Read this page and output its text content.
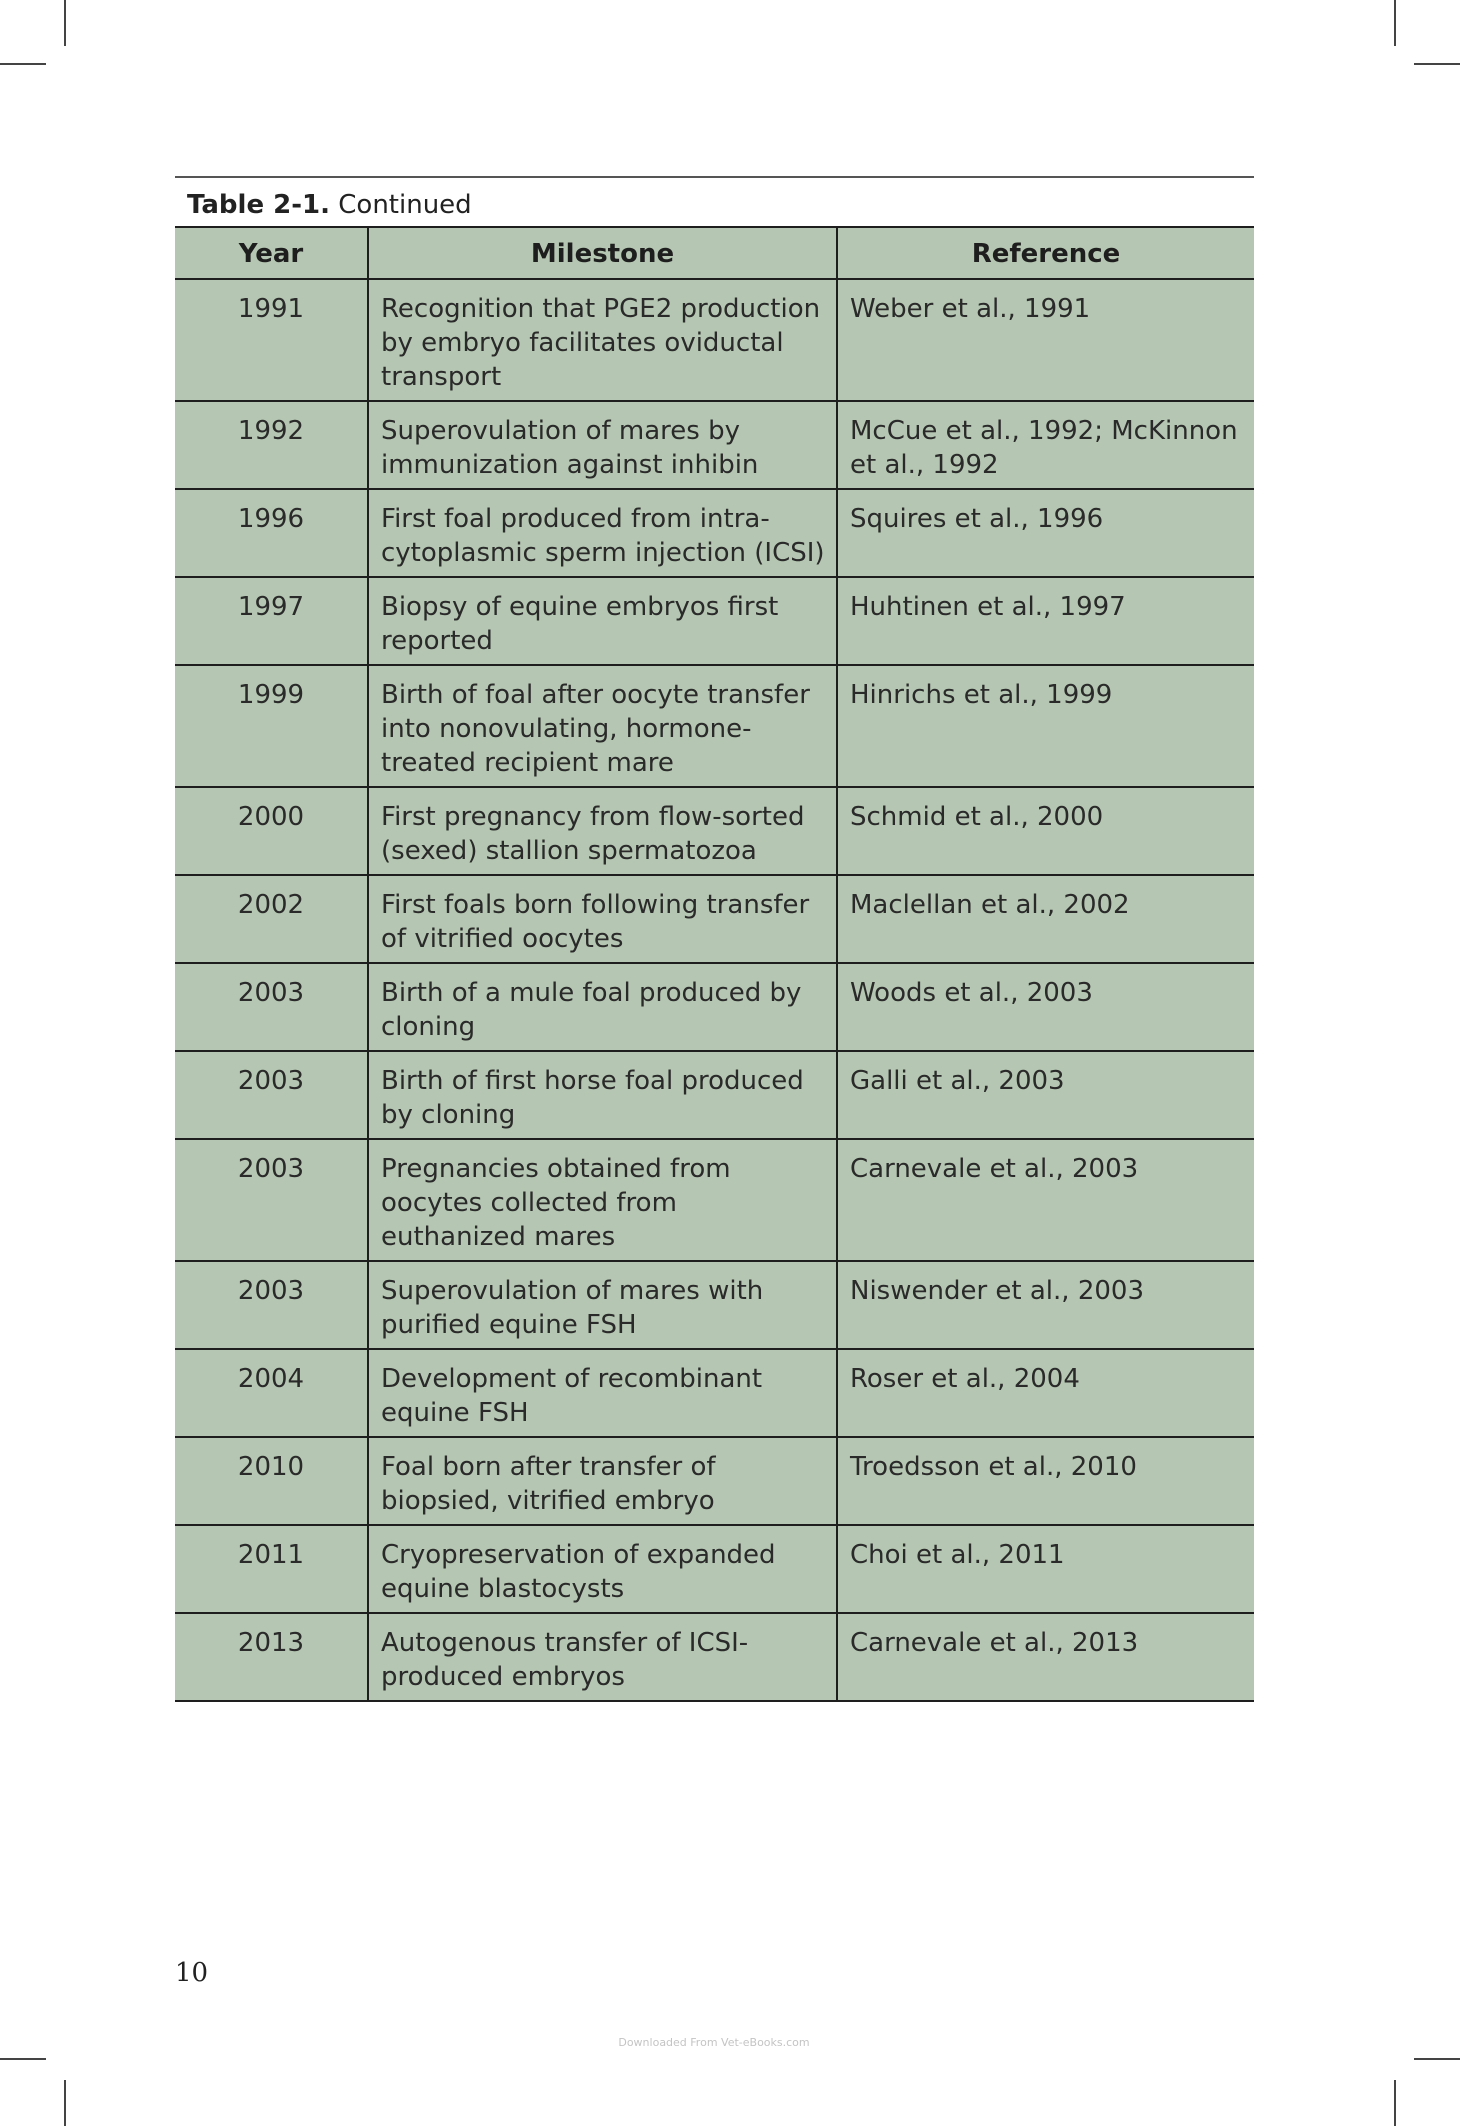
Table 2-1. Continued
Year	Milestone	Reference
1991	Recognition that PGE2 production by embryo facilitates oviductal transport	Weber et al., 1991
1992	Superovulation of mares by immunization against inhibin	McCue et al., 1992; McKinnon et al., 1992
1996	First foal produced from intra-cytoplasmic sperm injection (ICSI)	Squires et al., 1996
1997	Biopsy of equine embryos first reported	Huhtinen et al., 1997
1999	Birth of foal after oocyte transfer into nonovulating, hormone-treated recipient mare	Hinrichs et al., 1999
2000	First pregnancy from flow-sorted (sexed) stallion spermatozoa	Schmid et al., 2000
2002	First foals born following transfer of vitrified oocytes	Maclellan et al., 2002
2003	Birth of a mule foal produced by cloning	Woods et al., 2003
2003	Birth of first horse foal produced by cloning	Galli et al., 2003
2003	Pregnancies obtained from oocytes collected from euthanized mares	Carnevale et al., 2003
2003	Superovulation of mares with purified equine FSH	Niswender et al., 2003
2004	Development of recombinant equine FSH	Roser et al., 2004
2010	Foal born after transfer of biopsied, vitrified embryo	Troedsson et al., 2010
2011	Cryopreservation of expanded equine blastocysts	Choi et al., 2011
2013	Autogenous transfer of ICSI-produced embryos	Carnevale et al., 2013
10
Downloaded From Vet-eBooks.com
